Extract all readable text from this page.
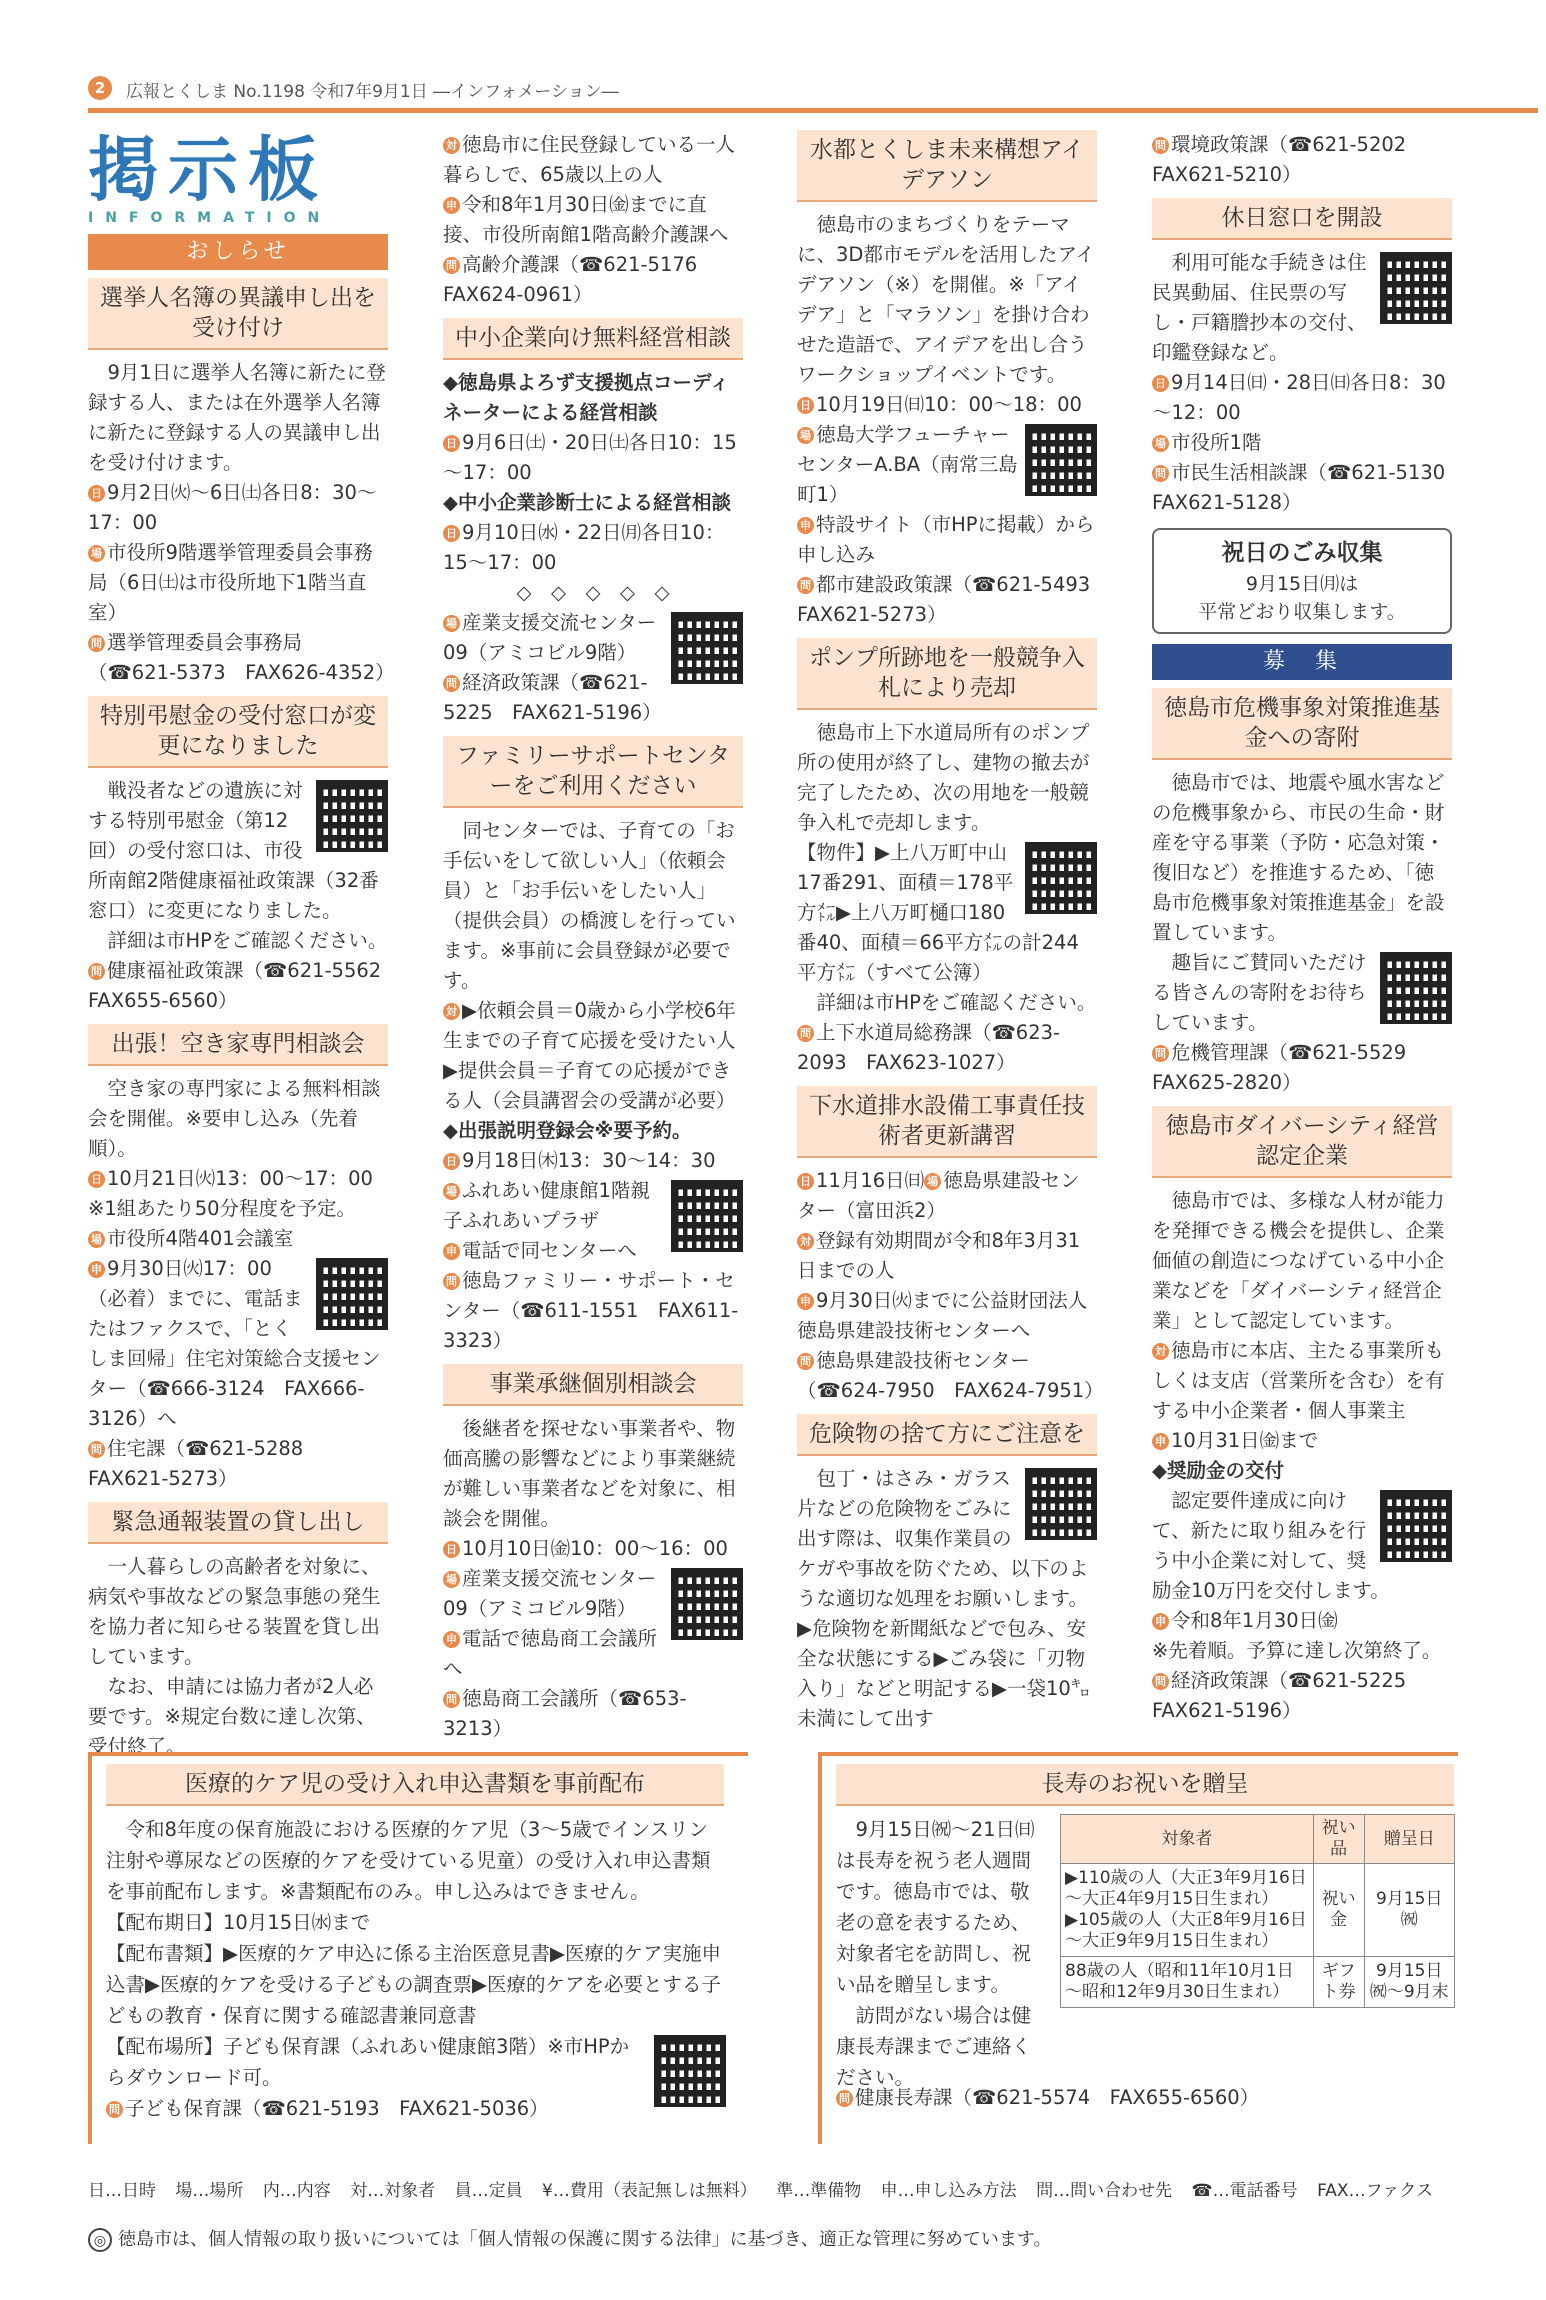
2	広報とくしま No.1198 令和7年9月1日 ―インフォメーション―
掲示板
INFORMATION
おしらせ
選挙人名簿の異議申し出を受け付け

9月1日に選挙人名簿に新たに登録する人、または在外選挙人名簿に新たに登録する人の異議申し出を受け付けます。

日 9月2日㈫～6日㈯各日8：30～17：00

場 市役所9階選挙管理委員会事務局（6日㈯は市役所地下1階当直室）

問 選挙管理委員会事務局（☎621-5373　FAX626-4352）

特別弔慰金の受付窓口が変更になりました

戦没者などの遺族に対する特別弔慰金（第12回）の受付窓口は、市役所南館2階健康福祉政策課（32番窓口）に変更になりました。

詳細は市HPをご確認ください。

問 健康福祉政策課（☎621-5562　FAX655-6560）

出張！空き家専門相談会

空き家の専門家による無料相談会を開催。※要申し込み（先着順）。

日 10月21日㈫13：00～17：00　※1組あたり50分程度を予定。

場 市役所4階401会議室

申 9月30日㈫17：00（必着）までに、電話またはファクスで、「とくしま回帰」住宅対策総合支援センター（☎666-3124　FAX666-3126）へ

問 住宅課（☎621-5288　FAX621-5273）

緊急通報装置の貸し出し

一人暮らしの高齢者を対象に、病気や事故などの緊急事態の発生を協力者に知らせる装置を貸し出しています。

なお、申請には協力者が2人必要です。※規定台数に達し次第、受付終了。

対 徳島市に住民登録している一人暮らしで、65歳以上の人

申 令和8年1月30日㈮までに直接、市役所南館1階高齢介護課へ

問 高齢介護課（☎621-5176　FAX624-0961）

中小企業向け無料経営相談

◆徳島県よろず支援拠点コーディネーターによる経営相談

日 9月6日㈯・20日㈯各日10：15～17：00

◆中小企業診断士による経営相談

日 9月10日㈬・22日㈪各日10：15～17：00

◇　◇　◇　◇　◇

場 産業支援交流センター09（アミコビル9階）

問 経済政策課（☎621-5225　FAX621-5196）

ファミリーサポートセンターをご利用ください

同センターでは、子育ての「お手伝いをして欲しい人」（依頼会員）と「お手伝いをしたい人」（提供会員）の橋渡しを行っています。※事前に会員登録が必要です。

対 ▶依頼会員＝0歳から小学校6年生までの子育て応援を受けたい人▶提供会員＝子育ての応援ができる人（会員講習会の受講が必要）

◆出張説明登録会※要予約。

日 9月18日㈭13：30～14：30

場 ふれあい健康館1階親子ふれあいプラザ

申 電話で同センターへ

問 徳島ファミリー・サポート・センター（☎611-1551　FAX611-3323）

事業承継個別相談会

後継者を探せない事業者や、物価高騰の影響などにより事業継続が難しい事業者などを対象に、相談会を開催。

日 10月10日㈮10：00～16：00

場 産業支援交流センター09（アミコビル9階）

申 電話で徳島商工会議所へ

問 徳島商工会議所（☎653-3213）

水都とくしま未来構想アイデアソン

徳島市のまちづくりをテーマに、3D都市モデルを活用したアイデアソン（※）を開催。※「アイデア」と「マラソン」を掛け合わせた造語で、アイデアを出し合うワークショップイベントです。

日 10月19日㈰10：00～18：00

場 徳島大学フューチャーセンターA.BA（南常三島町1）

申 特設サイト（市HPに掲載）から申し込み

問 都市建設政策課（☎621-5493　FAX621-5273）

ポンプ所跡地を一般競争入札により売却

徳島市上下水道局所有のポンプ所の使用が終了し、建物の撤去が完了したため、次の用地を一般競争入札で売却します。

【物件】▶上八万町中山17番291、面積＝178平方㍍▶上八万町樋口180番40、面積＝66平方㍍の計244平方㍍（すべて公簿）

詳細は市HPをご確認ください。

問 上下水道局総務課（☎623-2093　FAX623-1027）

下水道排水設備工事責任技術者更新講習

日 11月16日㈰ 場 徳島県建設センター（富田浜2）

対 登録有効期間が令和8年3月31日までの人

申 9月30日㈫までに公益財団法人徳島県建設技術センターへ

問 徳島県建設技術センター（☎624-7950　FAX624-7951）

危険物の捨て方にご注意を

包丁・はさみ・ガラス片などの危険物をごみに出す際は、収集作業員のケガや事故を防ぐため、以下のような適切な処理をお願いします。

▶危険物を新聞紙などで包み、安全な状態にする▶ごみ袋に「刃物入り」などと明記する▶一袋10㌔未満にして出す

問 環境政策課（☎621-5202　FAX621-5210）

休日窓口を開設

利用可能な手続きは住民異動届、住民票の写し・戸籍謄抄本の交付、印鑑登録など。

日 9月14日㈰・28日㈰各日8：30～12：00

場 市役所1階

問 市民生活相談課（☎621-5130　FAX621-5128）

祝日のごみ収集
9月15日㈪は
平常どおり収集します。
募　集
徳島市危機事象対策推進基金への寄附

徳島市では、地震や風水害などの危機事象から、市民の生命・財産を守る事業（予防・応急対策・復旧など）を推進するため、「徳島市危機事象対策推進基金」を設置しています。

趣旨にご賛同いただける皆さんの寄附をお待ちしています。

問 危機管理課（☎621-5529　FAX625-2820）

徳島市ダイバーシティ経営認定企業

徳島市では、多様な人材が能力を発揮できる機会を提供し、企業価値の創造につなげている中小企業などを「ダイバーシティ経営企業」として認定しています。

対 徳島市に本店、主たる事業所もしくは支店（営業所を含む）を有する中小企業者・個人事業主

申 10月31日㈮まで

◆奨励金の交付

認定要件達成に向けて、新たに取り組みを行う中小企業に対して、奨励金10万円を交付します。

申 令和8年1月30日㈮

※先着順。予算に達し次第終了。

問 経済政策課（☎621-5225　FAX621-5196）

医療的ケア児の受け入れ申込書類を事前配布

令和8年度の保育施設における医療的ケア児（3～5歳でインスリン注射や導尿などの医療的ケアを受けている児童）の受け入れ申込書類を事前配布します。※書類配布のみ。申し込みはできません。

【配布期日】10月15日㈬まで

【配布書類】▶医療的ケア申込に係る主治医意見書▶医療的ケア実施申込書▶医療的ケアを受ける子どもの調査票▶医療的ケアを必要とする子どもの教育・保育に関する確認書兼同意書

【配布場所】子ども保育課（ふれあい健康館3階）※市HPからダウンロード可。

問 子ども保育課（☎621-5193　FAX621-5036）

長寿のお祝いを贈呈

9月15日㈷～21日㈰は長寿を祝う老人週間です。徳島市では、敬老の意を表するため、対象者宅を訪問し、祝い品を贈呈します。

訪問がない場合は健康長寿課までご連絡ください。

対象者	祝い品	贈呈日

▶110歳の人（大正3年9月16日～大正4年9月15日生まれ）
▶105歳の人（大正8年9月16日～大正9年9月15日生まれ）	祝い金	9月15日㈷
88歳の人（昭和11年10月1日～昭和12年9月30日生まれ）	ギフト券	9月15日㈷～9月末

問 健康長寿課（☎621-5574　FAX655-6560）

日…日時 場…場所 内…内容 対…対象者 員…定員 ¥…費用（表記無しは無料） 準…準備物 申…申し込み方法 問…問い合わせ先 ☎…電話番号 FAX…ファクス
◎ 徳島市は、個人情報の取り扱いについては「個人情報の保護に関する法律」に基づき、適正な管理に努めています。
